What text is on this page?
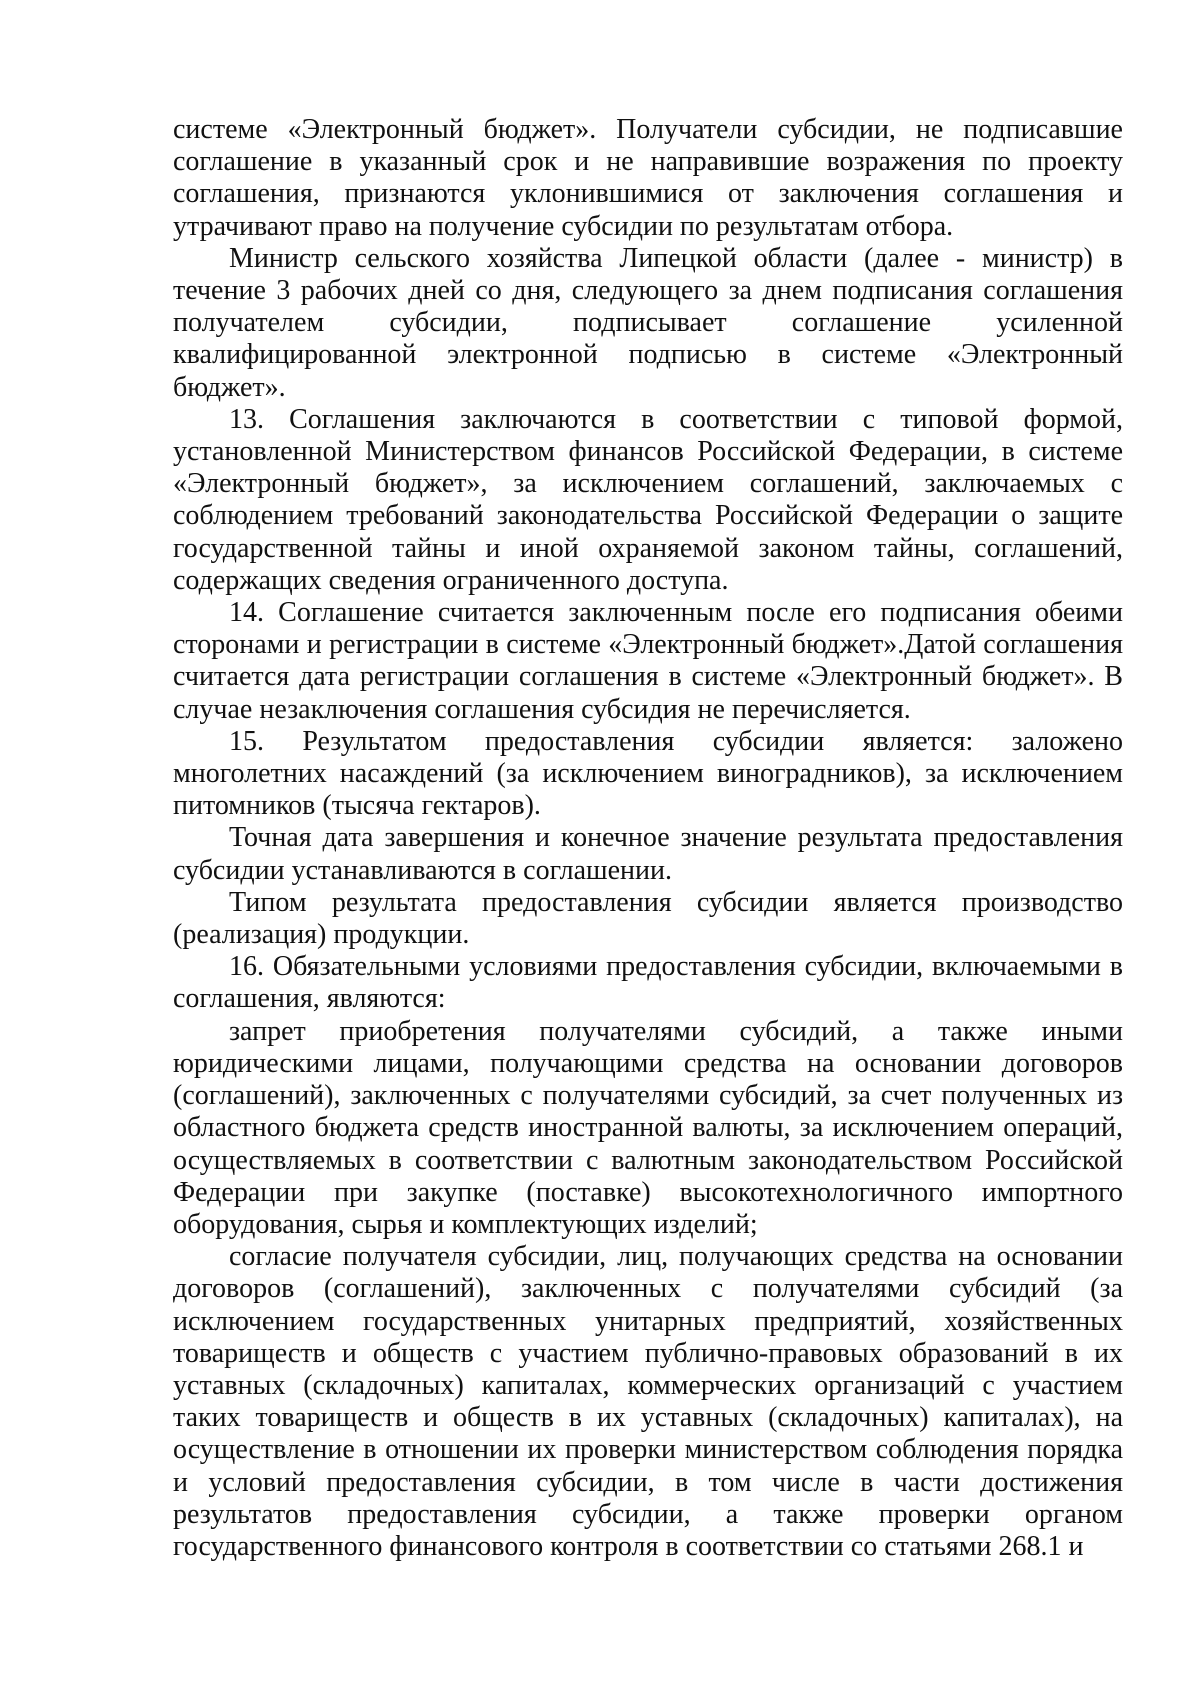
системе «Электронный бюджет». Получатели субсидии, не подписавшие соглашение в указанный срок и не направившие возражения по проекту соглашения, признаются уклонившимися от заключения соглашения и утрачивают право на получение субсидии по результатам отбора.

Министр сельского хозяйства Липецкой области (далее - министр) в течение 3 рабочих дней со дня, следующего за днем подписания соглашения получателем субсидии, подписывает соглашение усиленной квалифицированной электронной подписью в системе «Электронный бюджет».

13. Соглашения заключаются в соответствии с типовой формой, установленной Министерством финансов Российской Федерации, в системе «Электронный бюджет», за исключением соглашений, заключаемых с соблюдением требований законодательства Российской Федерации о защите государственной тайны и иной охраняемой законом тайны, соглашений, содержащих сведения ограниченного доступа.

14. Соглашение считается заключенным после его подписания обеими сторонами и регистрации в системе «Электронный бюджет».Датой соглашения считается дата регистрации соглашения в системе «Электронный бюджет». В случае незаключения соглашения субсидия не перечисляется.

15. Результатом предоставления субсидии является: заложено многолетних насаждений (за исключением виноградников), за исключением питомников (тысяча гектаров).

Точная дата завершения и конечное значение результата предоставления субсидии устанавливаются в соглашении.

Типом результата предоставления субсидии является производство (реализация) продукции.

16. Обязательными условиями предоставления субсидии, включаемыми в соглашения, являются:

запрет приобретения получателями субсидий, а также иными юридическими лицами, получающими средства на основании договоров (соглашений), заключенных с получателями субсидий, за счет полученных из областного бюджета средств иностранной валюты, за исключением операций, осуществляемых в соответствии с валютным законодательством Российской Федерации при закупке (поставке) высокотехнологичного импортного оборудования, сырья и комплектующих изделий;

согласие получателя субсидии, лиц, получающих средства на основании договоров (соглашений), заключенных с получателями субсидий (за исключением государственных унитарных предприятий, хозяйственных товариществ и обществ с участием публично-правовых образований в их уставных (складочных) капиталах, коммерческих организаций с участием таких товариществ и обществ в их уставных (складочных) капиталах), на осуществление в отношении их проверки министерством соблюдения порядка и условий предоставления субсидии, в том числе в части достижения результатов предоставления субсидии, а также проверки органом государственного финансового контроля в соответствии со статьями 268.1 и
